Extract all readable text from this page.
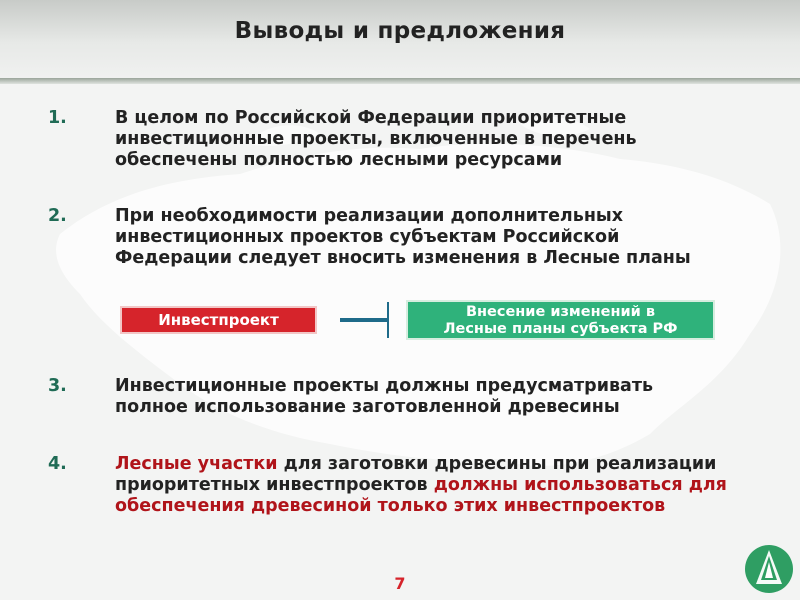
Выводы и предложения
1.	В целом по Российской Федерации приоритетные инвестиционные проекты, включенные в перечень обеспечены полностью лесными ресурсами
2.	При необходимости реализации дополнительных инвестиционных проектов субъектам Российской Федерации следует вносить изменения в Лесные планы
Инвестпроект	Внесение изменений в
Лесные планы субъекта РФ
3.	Инвестиционные проекты должны предусматривать полное использование заготовленной древесины
4.	Лесные участки для заготовки древесины при реализации приоритетных инвестпроектов должны использоваться для обеспечения древесиной только этих инвестпроектов
7
